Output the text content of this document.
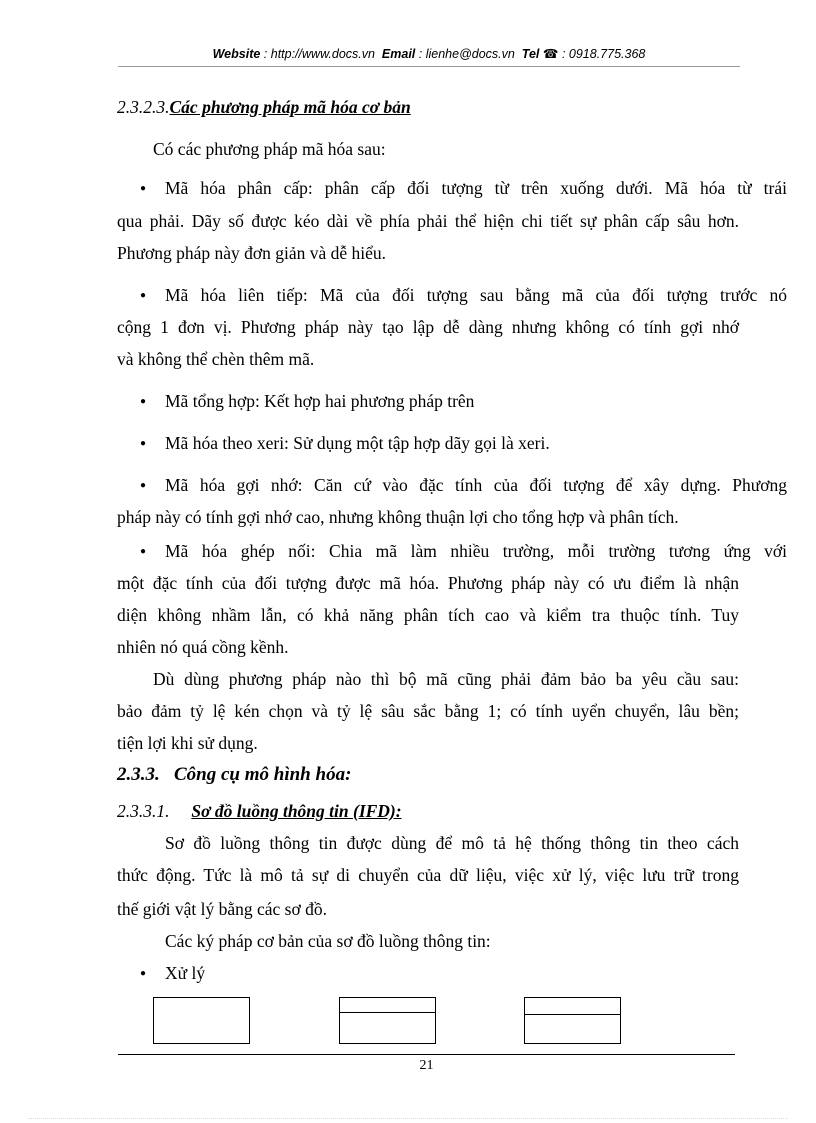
Website : http://www.docs.vn Email : lienhe@docs.vn Tel ☎ : 0918.775.368
2.3.2.3.Các phương pháp mã hóa cơ bản
Có các phương pháp mã hóa sau:
● Mã hóa phân cấp: phân cấp đối tượng từ trên xuống dưới. Mã hóa từ trái
qua phải. Dãy số được kéo dài về phía phải thể hiện chi tiết sự phân cấp sâu hơn.
Phương pháp này đơn giản và dễ hiểu.
● Mã hóa liên tiếp: Mã của đối tượng sau bằng mã của đối tượng trước nó
cộng 1 đơn vị. Phương pháp này tạo lập dễ dàng nhưng không có tính gợi nhớ
và không thể chèn thêm mã.
● Mã tổng hợp: Kết hợp hai phương pháp trên
● Mã hóa theo xeri: Sử dụng một tập hợp dãy gọi là xeri.
● Mã hóa gợi nhớ: Căn cứ vào đặc tính của đối tượng để xây dựng. Phương
pháp này có tính gợi nhớ cao, nhưng không thuận lợi cho tổng hợp và phân tích.
● Mã hóa ghép nối: Chia mã làm nhiều trường, mỗi trường tương ứng với
một đặc tính của đối tượng được mã hóa. Phương pháp này có ưu điểm là nhận
diện không nhầm lẫn, có khả năng phân tích cao và kiểm tra thuộc tính. Tuy
nhiên nó quá cồng kềnh.
Dù dùng phương pháp nào thì bộ mã cũng phải đảm bảo ba yêu cầu sau:
bảo đảm tỷ lệ kén chọn và tỷ lệ sâu sắc bằng 1; có tính uyển chuyển, lâu bền;
tiện lợi khi sử dụng.
2.3.3. Công cụ mô hình hóa:
2.3.3.1. Sơ đồ luồng thông tin (IFD):
Sơ đồ luồng thông tin được dùng để mô tả hệ thống thông tin theo cách
thức động. Tức là mô tả sự di chuyển của dữ liệu, việc xử lý, việc lưu trữ trong
thế giới vật lý bằng các sơ đồ.
Các ký pháp cơ bản của sơ đồ luồng thông tin:
● Xử lý
21
